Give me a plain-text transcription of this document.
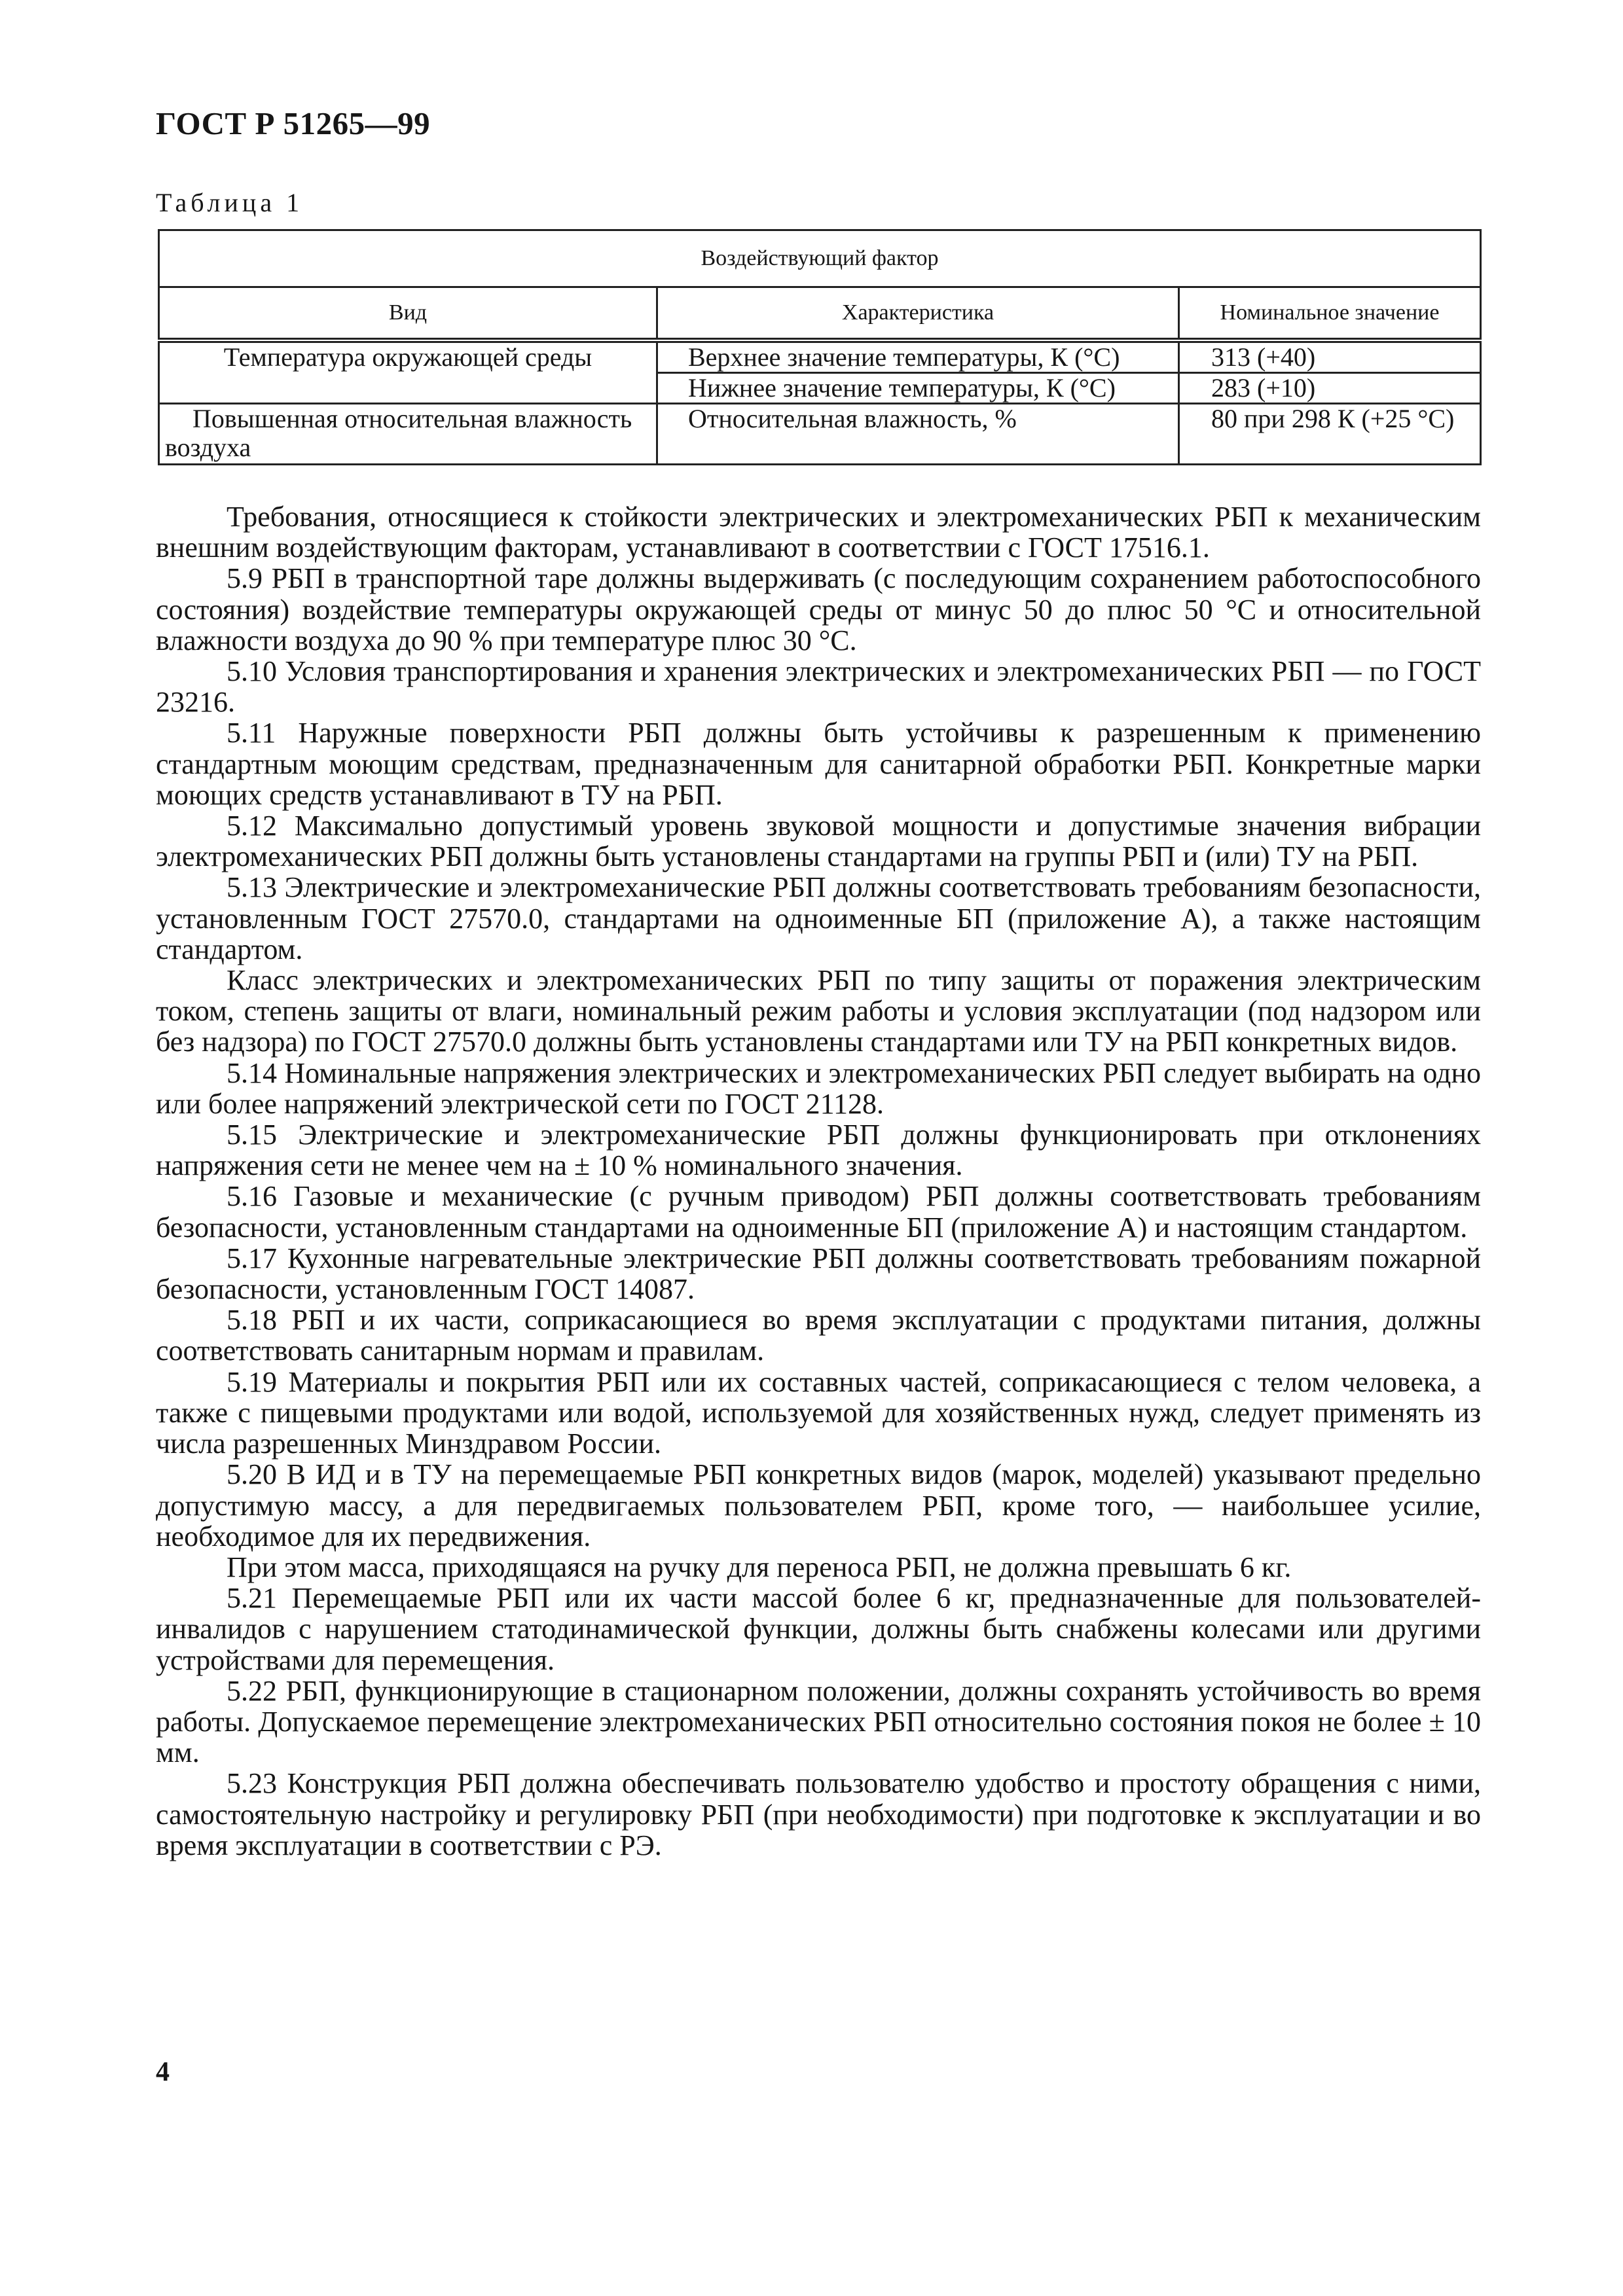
ГОСТ Р 51265—99
Таблица 1
Воздействующий фактор		
Вид	Характеристика	Номинальное значение
Температура окружающей среды	Верхнее значение температуры, К (°С)	313 (+40)
	Нижнее значение температуры, К (°С)	283 (+10)
Повышенная относительная влажность воздуха	Относительная влажность, %	80 при 298 К (+25 °С)

Требования, относящиеся к стойкости электрических и электромеханических РБП к механическим внешним воздействующим факторам, устанавливают в соответствии с ГОСТ 17516.1.

5.9 РБП в транспортной таре должны выдерживать (с последующим сохранением работоспособного состояния) воздействие температуры окружающей среды от минус 50 до плюс 50 °С и относительной влажности воздуха до 90 % при температуре плюс 30 °С.

5.10 Условия транспортирования и хранения электрических и электромеханических РБП — по ГОСТ 23216.

5.11 Наружные поверхности РБП должны быть устойчивы к разрешенным к применению стандартным моющим средствам, предназначенным для санитарной обработки РБП. Конкретные марки моющих средств устанавливают в ТУ на РБП.

5.12 Максимально допустимый уровень звуковой мощности и допустимые значения вибрации электромеханических РБП должны быть установлены стандартами на группы РБП и (или) ТУ на РБП.

5.13 Электрические и электромеханические РБП должны соответствовать требованиям безопасности, установленным ГОСТ 27570.0, стандартами на одноименные БП (приложение А), а также настоящим стандартом.

Класс электрических и электромеханических РБП по типу защиты от поражения электрическим током, степень защиты от влаги, номинальный режим работы и условия эксплуатации (под надзором или без надзора) по ГОСТ 27570.0 должны быть установлены стандартами или ТУ на РБП конкретных видов.

5.14 Номинальные напряжения электрических и электромеханических РБП следует выбирать на одно или более напряжений электрической сети по ГОСТ 21128.

5.15 Электрические и электромеханические РБП должны функционировать при отклонениях напряжения сети не менее чем на ± 10 % номинального значения.

5.16 Газовые и механические (с ручным приводом) РБП должны соответствовать требованиям безопасности, установленным стандартами на одноименные БП (приложение А) и настоящим стандартом.

5.17 Кухонные нагревательные электрические РБП должны соответствовать требованиям пожарной безопасности, установленным ГОСТ 14087.

5.18 РБП и их части, соприкасающиеся во время эксплуатации с продуктами питания, должны соответствовать санитарным нормам и правилам.

5.19 Материалы и покрытия РБП или их составных частей, соприкасающиеся с телом человека, а также с пищевыми продуктами или водой, используемой для хозяйственных нужд, следует применять из числа разрешенных Минздравом России.

5.20 В ИД и в ТУ на перемещаемые РБП конкретных видов (марок, моделей) указывают предельно допустимую массу, а для передвигаемых пользователем РБП, кроме того, — наибольшее усилие, необходимое для их передвижения.

При этом масса, приходящаяся на ручку для переноса РБП, не должна превышать 6 кг.

5.21 Перемещаемые РБП или их части массой более 6 кг, предназначенные для пользователей-инвалидов с нарушением статодинамической функции, должны быть снабжены колесами или другими устройствами для перемещения.

5.22 РБП, функционирующие в стационарном положении, должны сохранять устойчивость во время работы. Допускаемое перемещение электромеханических РБП относительно состояния покоя не более ± 10 мм.

5.23 Конструкция РБП должна обеспечивать пользователю удобство и простоту обращения с ними, самостоятельную настройку и регулировку РБП (при необходимости) при подготовке к эксплуатации и во время эксплуатации в соответствии с РЭ.

4
